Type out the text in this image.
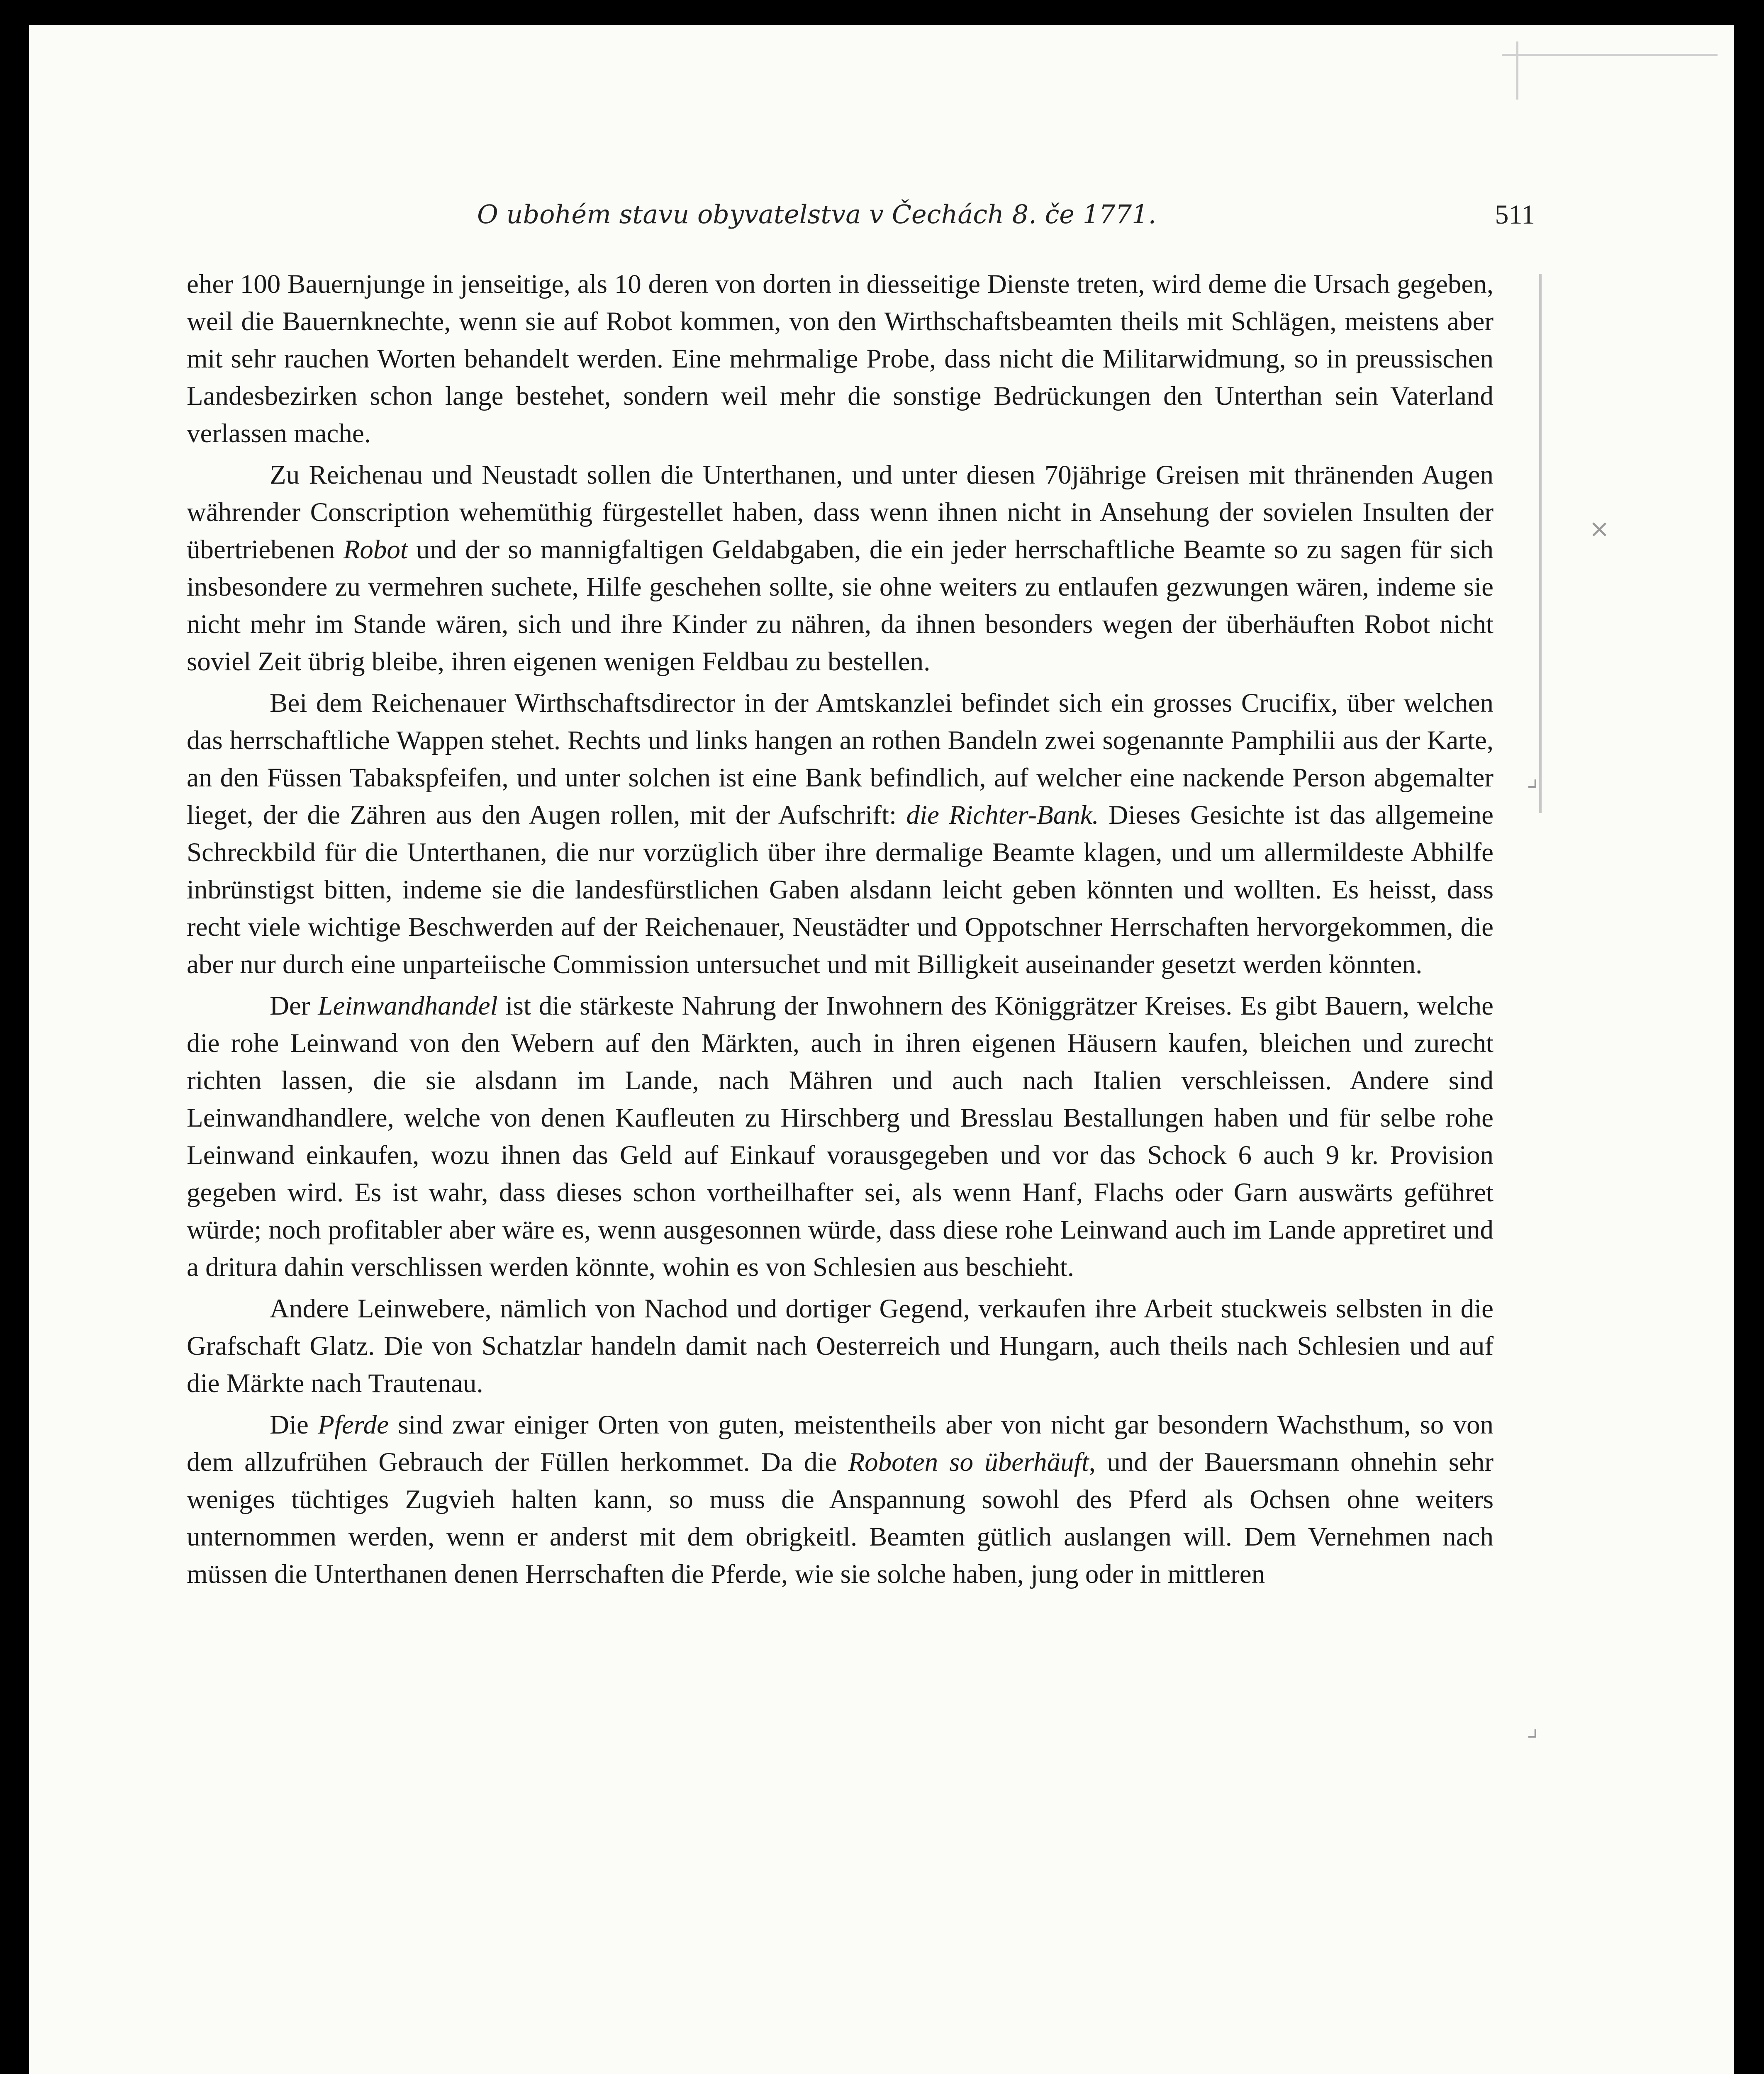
O ubohém stavu obyvatelstva v Čechách 8. če 1771.	511

eher 100 Bauernjunge in jenseitige, als 10 deren von dorten in diesseitige Dienste treten, wird deme die Ursach gegeben, weil die Bauernknechte, wenn sie auf Robot kommen, von den Wirthschaftsbeamten theils mit Schlägen, meistens aber mit sehr rauchen Worten behandelt werden. Eine mehrmalige Probe, dass nicht die Militarwidmung, so in preussischen Landesbezirken schon lange bestehet, sondern weil mehr die sonstige Bedrückungen den Unterthan sein Vaterland verlassen mache.

Zu Reichenau und Neustadt sollen die Unterthanen, und unter diesen 70jährige Greisen mit thränenden Augen währender Conscription wehemüthig fürgestellet haben, dass wenn ihnen nicht in Ansehung der sovielen Insulten der übertriebenen Robot und der so mannigfaltigen Geldabgaben, die ein jeder herrschaftliche Beamte so zu sagen für sich insbesondere zu vermehren suchete, Hilfe geschehen sollte, sie ohne weiters zu entlaufen gezwungen wären, indeme sie nicht mehr im Stande wären, sich und ihre Kinder zu nähren, da ihnen besonders wegen der überhäuften Robot nicht soviel Zeit übrig bleibe, ihren eigenen wenigen Feldbau zu bestellen.

Bei dem Reichenauer Wirthschaftsdirector in der Amtskanzlei befindet sich ein grosses Crucifix, über welchen das herrschaftliche Wappen stehet. Rechts und links hangen an rothen Bandeln zwei sogenannte Pamphilii aus der Karte, an den Füssen Tabakspfeifen, und unter solchen ist eine Bank befindlich, auf welcher eine nackende Person abgemalter lieget, der die Zähren aus den Augen rollen, mit der Aufschrift: die Richter-Bank. Dieses Gesichte ist das allgemeine Schreckbild für die Unterthanen, die nur vorzüglich über ihre dermalige Beamte klagen, und um allermildeste Abhilfe inbrünstigst bitten, indeme sie die landesfürstlichen Gaben alsdann leicht geben könnten und wollten. Es heisst, dass recht viele wichtige Beschwerden auf der Reichenauer, Neustädter und Oppotschner Herrschaften hervorgekommen, die aber nur durch eine unparteiische Commission untersuchet und mit Billigkeit auseinander gesetzt werden könnten.

Der Leinwandhandel ist die stärkeste Nahrung der Inwohnern des Königgrätzer Kreises. Es gibt Bauern, welche die rohe Leinwand von den Webern auf den Märkten, auch in ihren eigenen Häusern kaufen, bleichen und zurecht richten lassen, die sie alsdann im Lande, nach Mähren und auch nach Italien verschleissen. Andere sind Leinwandhandlere, welche von denen Kaufleuten zu Hirschberg und Bresslau Bestallungen haben und für selbe rohe Leinwand einkaufen, wozu ihnen das Geld auf Einkauf vorausgegeben und vor das Schock 6 auch 9 kr. Provision gegeben wird. Es ist wahr, dass dieses schon vortheilhafter sei, als wenn Hanf, Flachs oder Garn auswärts geführet würde; noch profitabler aber wäre es, wenn ausgesonnen würde, dass diese rohe Leinwand auch im Lande appretiret und a dritura dahin verschlissen werden könnte, wohin es von Schlesien aus beschieht.

Andere Leinwebere, nämlich von Nachod und dortiger Gegend, verkaufen ihre Arbeit stuckweis selbsten in die Grafschaft Glatz. Die von Schatzlar handeln damit nach Oesterreich und Hungarn, auch theils nach Schlesien und auf die Märkte nach Trautenau.

Die Pferde sind zwar einiger Orten von guten, meistentheils aber von nicht gar besondern Wachsthum, so von dem allzufrühen Gebrauch der Füllen herkommet. Da die Roboten so überhäuft, und der Bauersmann ohnehin sehr weniges tüchtiges Zugvieh halten kann, so muss die Anspannung sowohl des Pferd als Ochsen ohne weiters unternommen werden, wenn er anderst mit dem obrigkeitl. Beamten gütlich auslangen will. Dem Vernehmen nach müssen die Unterthanen denen Herrschaften die Pferde, wie sie solche haben, jung oder in mittleren

×
⌟
⌟
